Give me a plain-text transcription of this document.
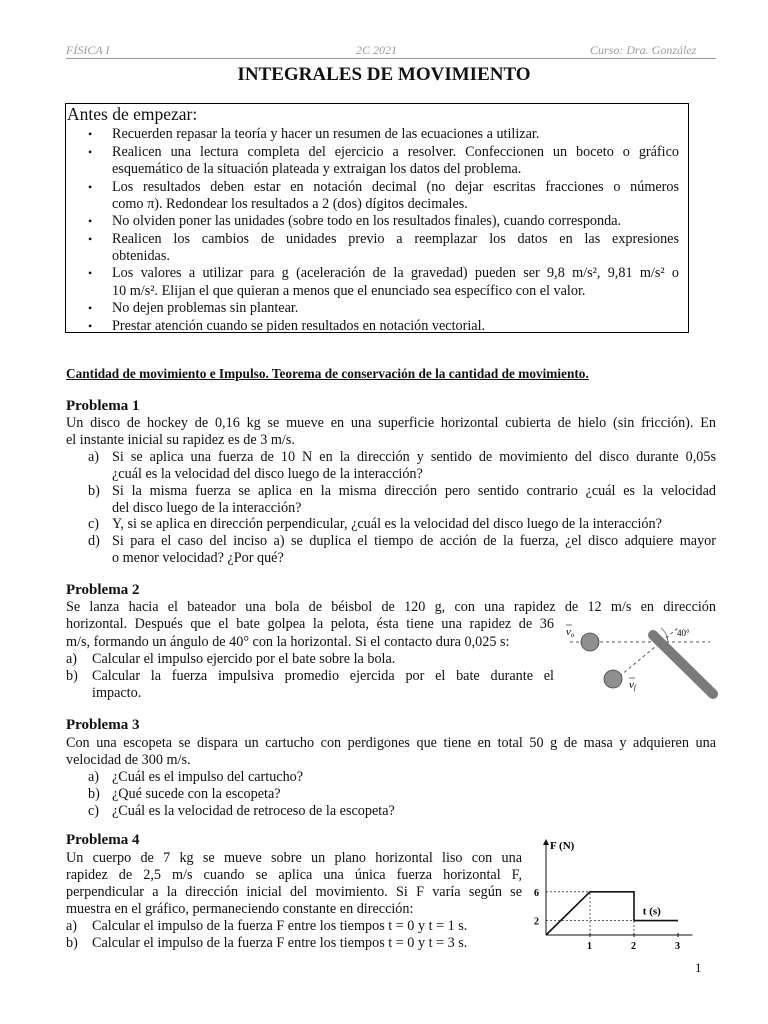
FÍSICA I	2C 2021	Curso: Dra. González
INTEGRALES DE MOVIMIENTO
Antes de empezar:
• Recuerden repasar la teoría y hacer un resumen de las ecuaciones a utilizar.
• Realicen una lectura completa del ejercicio a resolver. Confeccionen un boceto o gráfico
esquemático de la situación plateada y extraigan los datos del problema.
• Los resultados deben estar en notación decimal (no dejar escritas fracciones o números
como π). Redondear los resultados a 2 (dos) dígitos decimales.
• No olviden poner las unidades (sobre todo en los resultados finales), cuando corresponda.
• Realicen los cambios de unidades previo a reemplazar los datos en las expresiones
obtenidas.
• Los valores a utilizar para g (aceleración de la gravedad) pueden ser 9,8 m/s², 9,81 m/s² o
10 m/s². Elijan el que quieran a menos que el enunciado sea específico con el valor.
• No dejen problemas sin plantear.
• Prestar atención cuando se piden resultados en notación vectorial.
Cantidad de movimiento e Impulso. Teorema de conservación de la cantidad de movimiento.
Problema 1
Un disco de hockey de 0,16 kg se mueve en una superficie horizontal cubierta de hielo (sin fricción). En
el instante inicial su rapidez es de 3 m/s.
a) Si se aplica una fuerza de 10 N en la dirección y sentido de movimiento del disco durante 0,05s
¿cuál es la velocidad del disco luego de la interacción?
b) Si la misma fuerza se aplica en la misma dirección pero sentido contrario ¿cuál es la velocidad
del disco luego de la interacción?
c) Y, si se aplica en dirección perpendicular, ¿cuál es la velocidad del disco luego de la interacción?
d) Si para el caso del inciso a) se duplica el tiempo de acción de la fuerza, ¿el disco adquiere mayor
o menor velocidad? ¿Por qué?
Problema 2
Se lanza hacia el bateador una bola de béisbol de 120 g, con una rapidez de 12 m/s en dirección
horizontal. Después que el bate golpea la pelota, ésta tiene una rapidez de 36
m/s, formando un ángulo de 40° con la horizontal. Si el contacto dura 0,025 s:
a) Calcular el impulso ejercido por el bate sobre la bola.
b) Calcular la fuerza impulsiva promedio ejercida por el bate durante el
impacto.
vo
vf
40°
Problema 3
Con una escopeta se dispara un cartucho con perdigones que tiene en total 50 g de masa y adquieren una
velocidad de 300 m/s.
a) ¿Cuál es el impulso del cartucho?
b) ¿Qué sucede con la escopeta?
c) ¿Cuál es la velocidad de retroceso de la escopeta?
Problema 4
Un cuerpo de 7 kg se mueve sobre un plano horizontal liso con una
rapidez de 2,5 m/s cuando se aplica una única fuerza horizontal F,
perpendicular a la dirección inicial del movimiento. Si F varía según se
muestra en el gráfico, permaneciendo constante en dirección:
a) Calcular el impulso de la fuerza F entre los tiempos t = 0 y t = 1 s.
b) Calcular el impulso de la fuerza F entre los tiempos t = 0 y t = 3 s.
2
6
1	2	3
F (N)
t (s)
1
